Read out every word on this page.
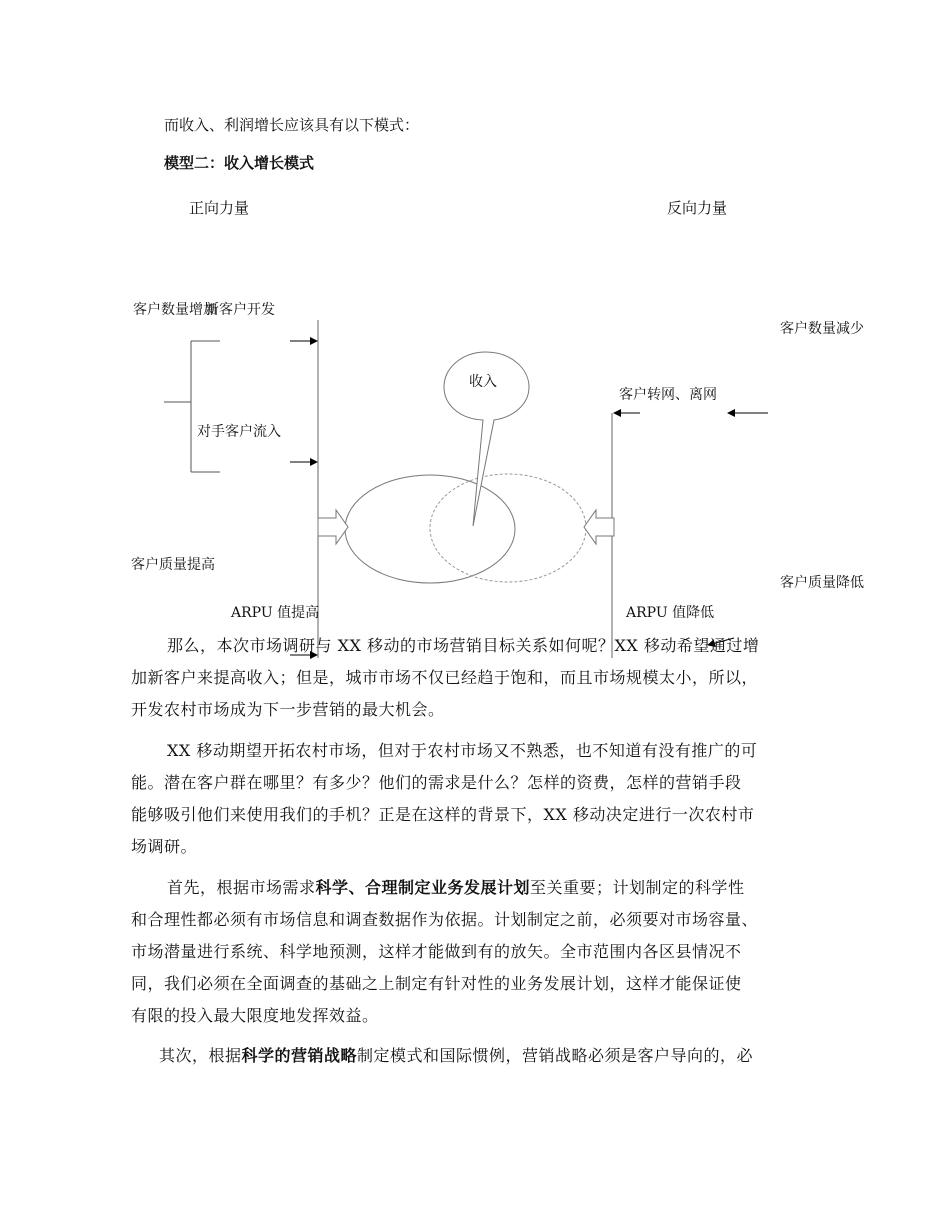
而收入、利润增长应该具有以下模式：
模型二：收入增长模式
正向力量	反向力量
客户数量增加
新客户开发
对手客户流入
客户质量提高
ARPU 值提高
客户数量减少
客户转网、离网
客户质量降低
ARPU 值降低
收入
那么，本次市场调研与 XX 移动的市场营销目标关系如何呢？XX 移动希望通过增
加新客户来提高收入；但是，城市市场不仅已经趋于饱和，而且市场规模太小，所以，
开发农村市场成为下一步营销的最大机会。
XX 移动期望开拓农村市场，但对于农村市场又不熟悉，也不知道有没有推广的可
能。潜在客户群在哪里？有多少？他们的需求是什么？怎样的资费，怎样的营销手段
能够吸引他们来使用我们的手机？正是在这样的背景下，XX 移动决定进行一次农村市
场调研。
首先，根据市场需求科学、合理制定业务发展计划至关重要；计划制定的科学性
和合理性都必须有市场信息和调查数据作为依据。计划制定之前，必须要对市场容量、
市场潜量进行系统、科学地预测，这样才能做到有的放矢。全市范围内各区县情况不
同，我们必须在全面调查的基础之上制定有针对性的业务发展计划，这样才能保证使
有限的投入最大限度地发挥效益。
其次，根据科学的营销战略制定模式和国际惯例，营销战略必须是客户导向的，必
